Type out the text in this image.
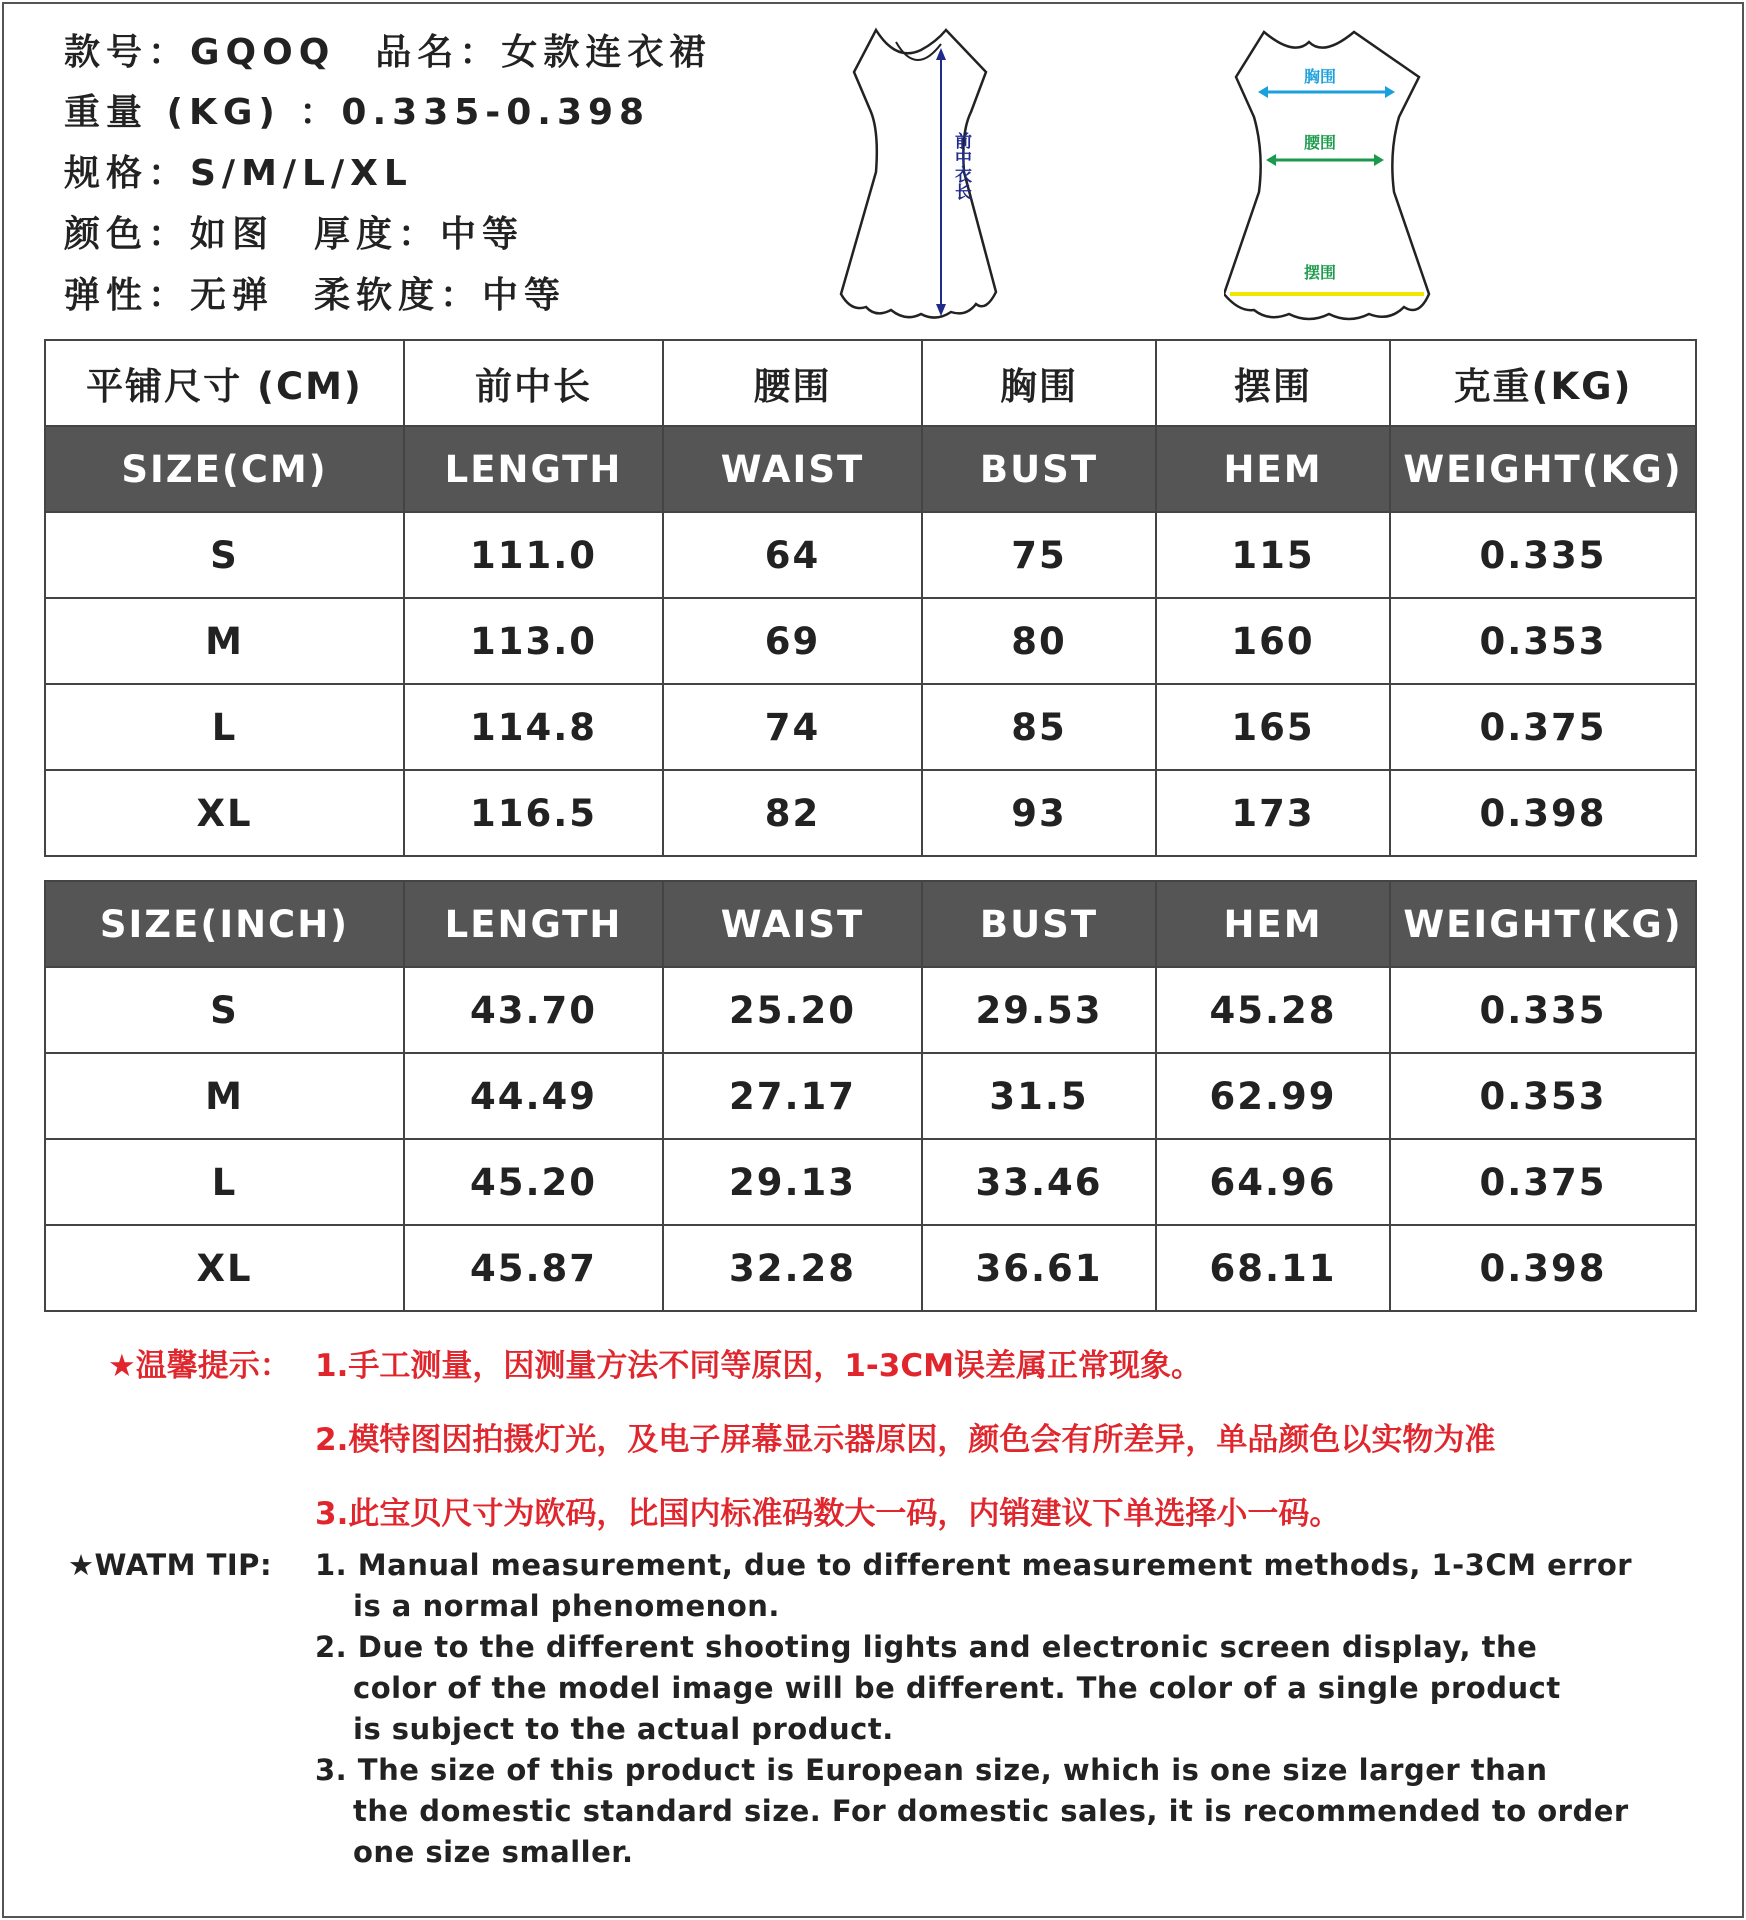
款号：GQOQ 品名：女款连衣裙
重量 (KG) ：0.335-0.398
规格：S/M/L/XL
颜色：如图 厚度：中等
弹性：无弹 柔软度：中等
前中衣长
胸围
腰围
摆围
平铺尺寸 (CM)	前中长	腰围	胸围	摆围	克重(KG)
SIZE(CM)	LENGTH	WAIST	BUST	HEM	WEIGHT(KG)
S	111.0	64	75	115	0.335
M	113.0	69	80	160	0.353
L	114.8	74	85	165	0.375
XL	116.5	82	93	173	0.398
SIZE(INCH)	LENGTH	WAIST	BUST	HEM	WEIGHT(KG)
S	43.70	25.20	29.53	45.28	0.335
M	44.49	27.17	31.5	62.99	0.353
L	45.20	29.13	33.46	64.96	0.375
XL	45.87	32.28	36.61	68.11	0.398
★温馨提示： 1.手工测量，因测量方法不同等原因，1-3CM误差属正常现象。
2.模特图因拍摄灯光，及电子屏幕显示器原因，颜色会有所差异，单品颜色以实物为准
3.此宝贝尺寸为欧码，比国内标准码数大一码，内销建议下单选择小一码。
★WATM TIP: 1. Manual measurement, due to different measurement methods, 1-3CM error
is a normal phenomenon.
2. Due to the different shooting lights and electronic screen display, the
color of the model image will be different. The color of a single product
is subject to the actual product.
3. The size of this product is European size, which is one size larger than
the domestic standard size. For domestic sales, it is recommended to order
one size smaller.
